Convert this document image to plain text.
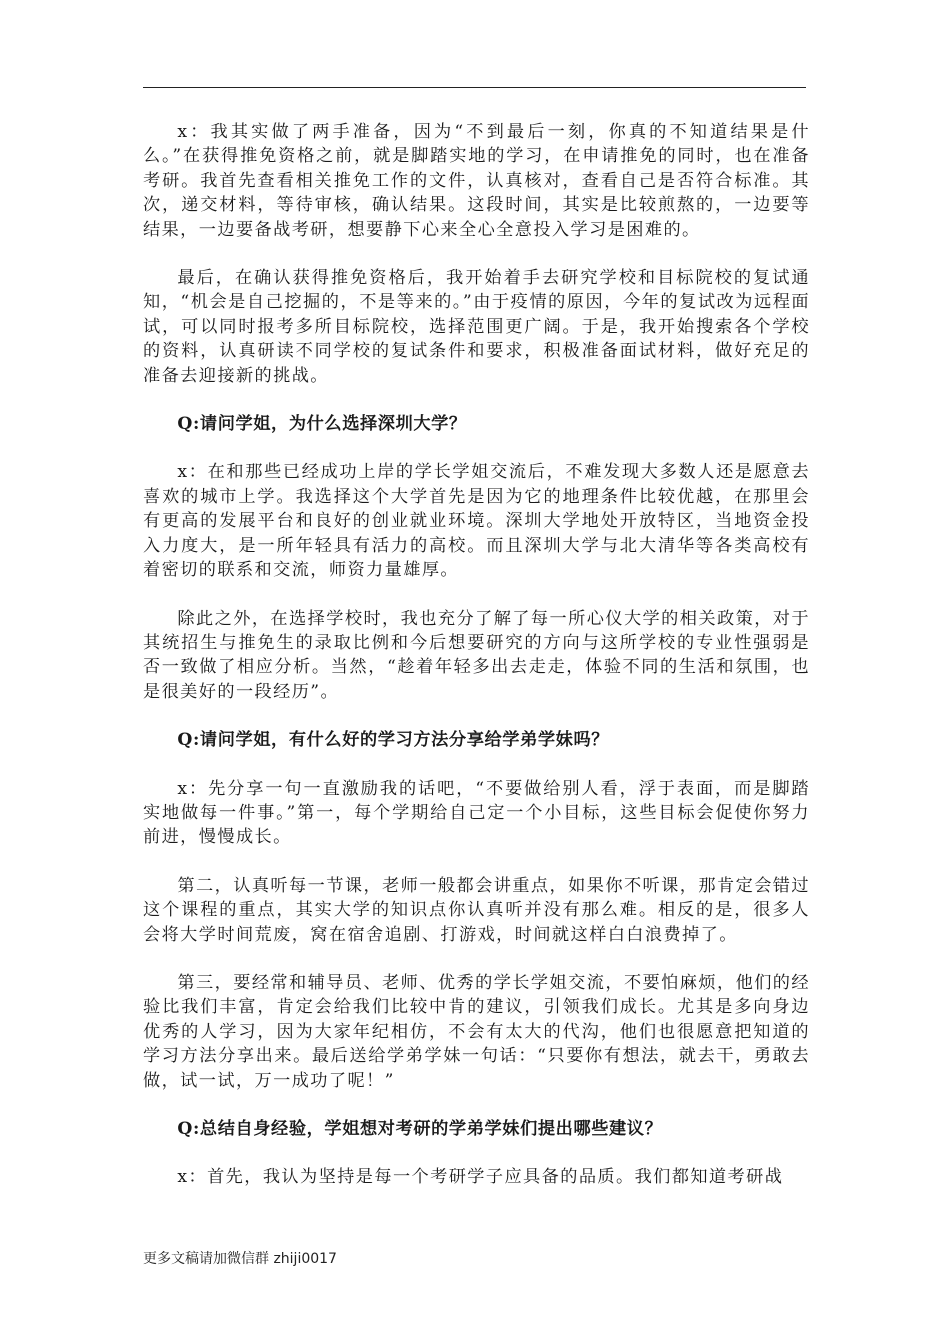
x：我其实做了两手准备，因为“不到最后一刻，你真的不知道结果是什么。”在获得推免资格之前，就是脚踏实地的学习，在申请推免的同时，也在准备考研。我首先查看相关推免工作的文件，认真核对，查看自己是否符合标准。其次，递交材料，等待审核，确认结果。这段时间，其实是比较煎熬的，一边要等结果，一边要备战考研，想要静下心来全心全意投入学习是困难的。

最后，在确认获得推免资格后，我开始着手去研究学校和目标院校的复试通知，“机会是自己挖掘的，不是等来的。”由于疫情的原因，今年的复试改为远程面试，可以同时报考多所目标院校，选择范围更广阔。于是，我开始搜索各个学校的资料，认真研读不同学校的复试条件和要求，积极准备面试材料，做好充足的准备去迎接新的挑战。

Q:请问学姐，为什么选择深圳大学？

x：在和那些已经成功上岸的学长学姐交流后，不难发现大多数人还是愿意去喜欢的城市上学。我选择这个大学首先是因为它的地理条件比较优越，在那里会有更高的发展平台和良好的创业就业环境。深圳大学地处开放特区，当地资金投入力度大，是一所年轻具有活力的高校。而且深圳大学与北大清华等各类高校有着密切的联系和交流，师资力量雄厚。

除此之外，在选择学校时，我也充分了解了每一所心仪大学的相关政策，对于其统招生与推免生的录取比例和今后想要研究的方向与这所学校的专业性强弱是否一致做了相应分析。当然，“趁着年轻多出去走走，体验不同的生活和氛围，也是很美好的一段经历”。

Q:请问学姐，有什么好的学习方法分享给学弟学妹吗？

x：先分享一句一直激励我的话吧，“不要做给别人看，浮于表面，而是脚踏实地做每一件事。”第一，每个学期给自己定一个小目标，这些目标会促使你努力前进，慢慢成长。

第二，认真听每一节课，老师一般都会讲重点，如果你不听课，那肯定会错过这个课程的重点，其实大学的知识点你认真听并没有那么难。相反的是，很多人会将大学时间荒废，窝在宿舍追剧、打游戏，时间就这样白白浪费掉了。

第三，要经常和辅导员、老师、优秀的学长学姐交流，不要怕麻烦，他们的经验比我们丰富，肯定会给我们比较中肯的建议，引领我们成长。尤其是多向身边优秀的人学习，因为大家年纪相仿，不会有太大的代沟，他们也很愿意把知道的学习方法分享出来。最后送给学弟学妹一句话：“只要你有想法，就去干，勇敢去做，试一试，万一成功了呢！”

Q:总结自身经验，学姐想对考研的学弟学妹们提出哪些建议？

x：首先，我认为坚持是每一个考研学子应具备的品质。我们都知道考研战

更多文稿请加微信群 zhiji0017
